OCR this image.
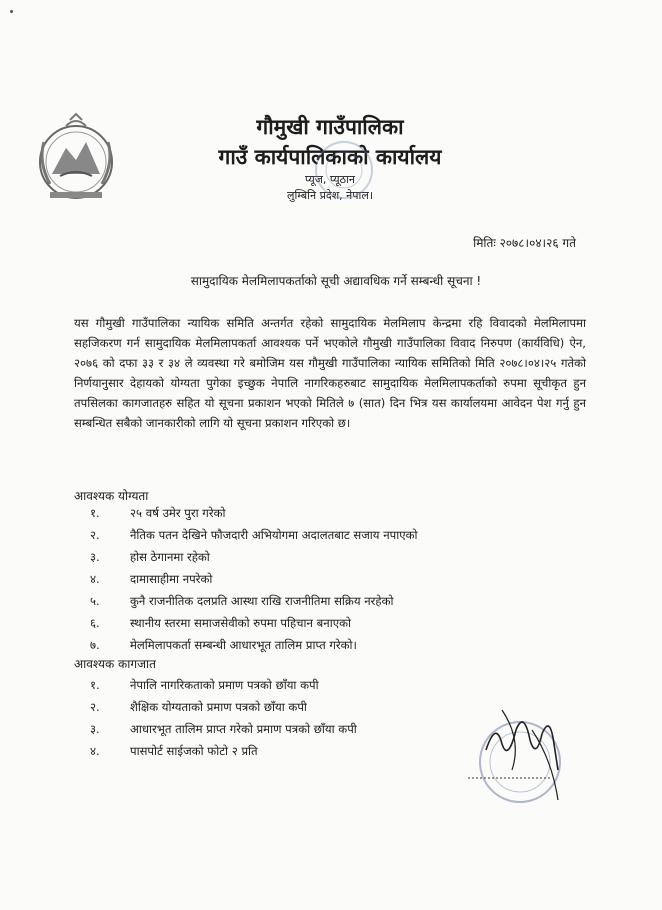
गौमुखी गाउँपालिका
गाउँ कार्यपालिकाको कार्यालय
प्यूज, प्यूठान
लुम्बिनि प्रदेश, नेपाल।
मितिः २०७८।०४।२६ गते
सामुदायिक मेलमिलापकर्ताको सूची अद्यावधिक गर्ने सम्बन्धी सूचना !
यस गौमुखी गाउँपालिका न्यायिक समिति अन्तर्गत रहेको सामुदायिक मेलमिलाप केन्द्रमा रहि विवादको मेलमिलापमा सहजिकरण गर्न सामुदायिक मेलमिलापकर्ता आवश्यक पर्ने भएकोले गौमुखी गाउँपालिका विवाद निरुपण (कार्यविधि) ऐन, २०७६ को दफा ३३ र ३४ ले व्यवस्था गरे बमोजिम यस गौमुखी गाउँपालिका न्यायिक समितिको मिति २०७८।०४।२५ गतेको निर्णयानुसार देहायको योग्यता पुगेका इच्छुक नेपालि नागरिकहरुबाट सामुदायिक मेलमिलापकर्ताको रुपमा सूचीकृत हुन तपसिलका कागजातहरु सहित यो सूचना प्रकाशन भएको मितिले ७ (सात) दिन भित्र यस कार्यालयमा आवेदन पेश गर्नु हुन सम्बन्धित सबैको जानकारीको लागि यो सूचना प्रकाशन गरिएको छ।
आवश्यक योग्यता
१.	२५ वर्ष उमेर पुरा गरेको
२.	नैतिक पतन देखिने फौजदारी अभियोगमा अदालतबाट सजाय नपाएको
३.	होस ठेगानमा रहेको
४.	दामासाहीमा नपरेको
५.	कुनै राजनीतिक दलप्रति आस्था राखि राजनीतिमा सक्रिय नरहेको
६.	स्थानीय स्तरमा समाजसेवीको रुपमा पहिचान बनाएको
७.	मेलमिलापकर्ता सम्बन्धी आधारभूत तालिम प्राप्त गरेको।
आवश्यक कागजात
१.	नेपालि नागरिकताको प्रमाण पत्रको छाँया कपी
२.	शैक्षिक योग्यताको प्रमाण पत्रको छाँया कपी
३.	आधारभूत तालिम प्राप्त गरेको प्रमाण पत्रको छाँया कपी
४.	पासपोर्ट साईजको फोटो २ प्रति
